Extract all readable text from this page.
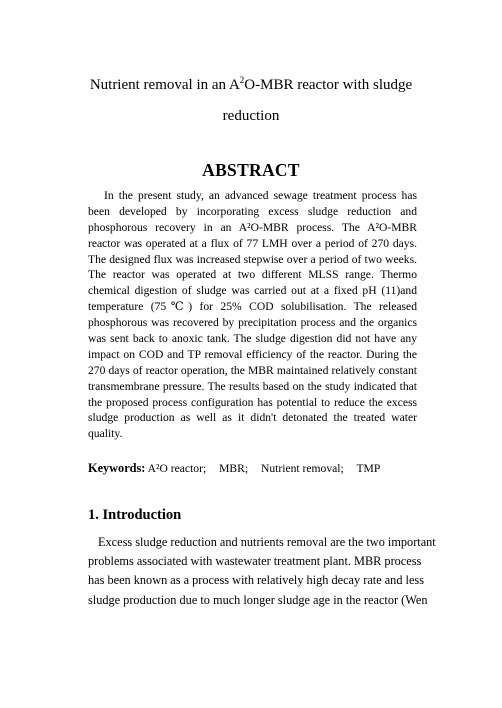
Nutrient removal in an $A^2O$-MBR reactor with sludge
reduction
ABSTRACT
In the present study, an advanced sewage treatment process has
been developed by incorporating excess sludge reduction and
phosphorous recovery in an A²O-MBR process. The A²O-MBR
reactor was operated at a flux of 77 LMH over a period of 270 days.
The designed flux was increased stepwise over a period of two weeks.
The reactor was operated at two different MLSS range. Thermo
chemical digestion of sludge was carried out at a fixed pH (11)and
temperature (75℃) for 25% COD solubilisation. The released
phosphorous was recovered by precipitation process and the organics
was sent back to anoxic tank. The sludge digestion did not have any
impact on COD and TP removal efficiency of the reactor. During the
270 days of reactor operation, the MBR maintained relatively constant
transmembrane pressure. The results based on the study indicated that
the proposed process configuration has potential to reduce the excess
sludge production as well as it didn't detonated the treated water
quality.
Keywords: A²O reactor; MBR; Nutrient removal; TMP
1. Introduction
Excess sludge reduction and nutrients removal are the two important
problems associated with wastewater treatment plant. MBR process
has been known as a process with relatively high decay rate and less
sludge production due to much longer sludge age in the reactor (Wen
